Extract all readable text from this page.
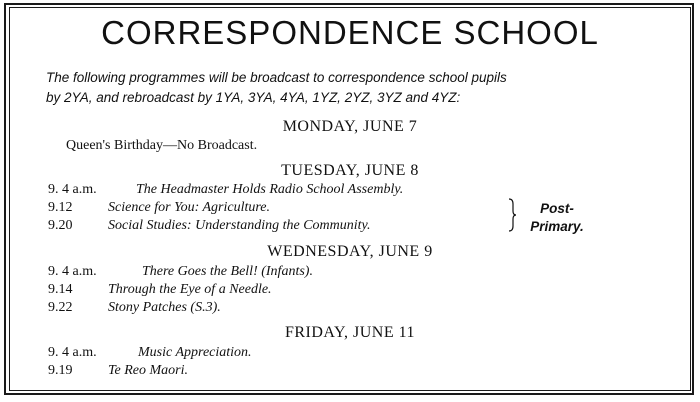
CORRESPONDENCE SCHOOL
The following programmes will be broadcast to correspondence school pupils
by 2YA, and rebroadcast by 1YA, 3YA, 4YA, 1YZ, 2YZ, 3YZ and 4YZ:
MONDAY, JUNE 7
Queen's Birthday—No Broadcast.
TUESDAY, JUNE 8
9. 4 a.m.	The Headmaster Holds Radio School Assembly.
9.12	Science for You: Agriculture.
9.20	Social Studies: Understanding the Community.
Post-
Primary.
WEDNESDAY, JUNE 9
9. 4 a.m.	There Goes the Bell! (Infants).
9.14	Through the Eye of a Needle.
9.22	Stony Patches (S.3).
FRIDAY, JUNE 11
9. 4 a.m.	Music Appreciation.
9.19	Te Reo Maori.
